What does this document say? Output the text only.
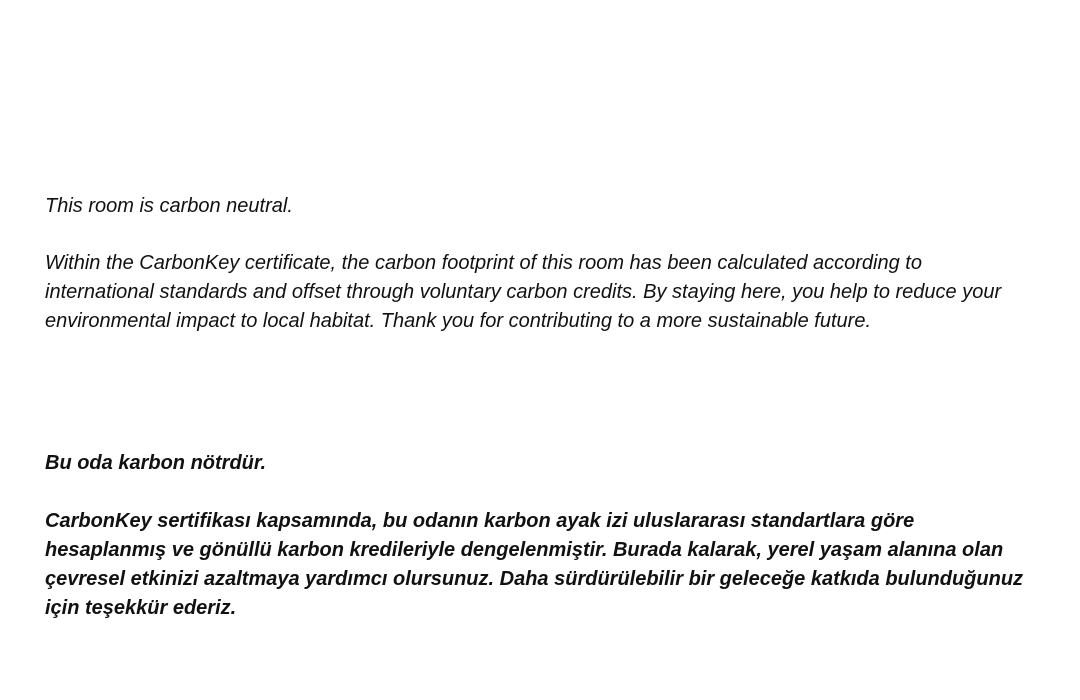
This room is carbon neutral.

Within the CarbonKey certificate, the carbon footprint of this room has been calculated according to international standards and offset through voluntary carbon credits. By staying here, you help to reduce your environmental impact to local habitat. Thank you for contributing to a more sustainable future.

Bu oda karbon nötrdür.

CarbonKey sertifikası kapsamında, bu odanın karbon ayak izi uluslararası standartlara göre hesaplanmış ve gönüllü karbon kredileriyle dengelenmiştir. Burada kalarak, yerel yaşam alanına olan çevresel etkinizi azaltmaya yardımcı olursunuz. Daha sürdürülebilir bir geleceğe katkıda bulunduğunuz için teşekkür ederiz.
